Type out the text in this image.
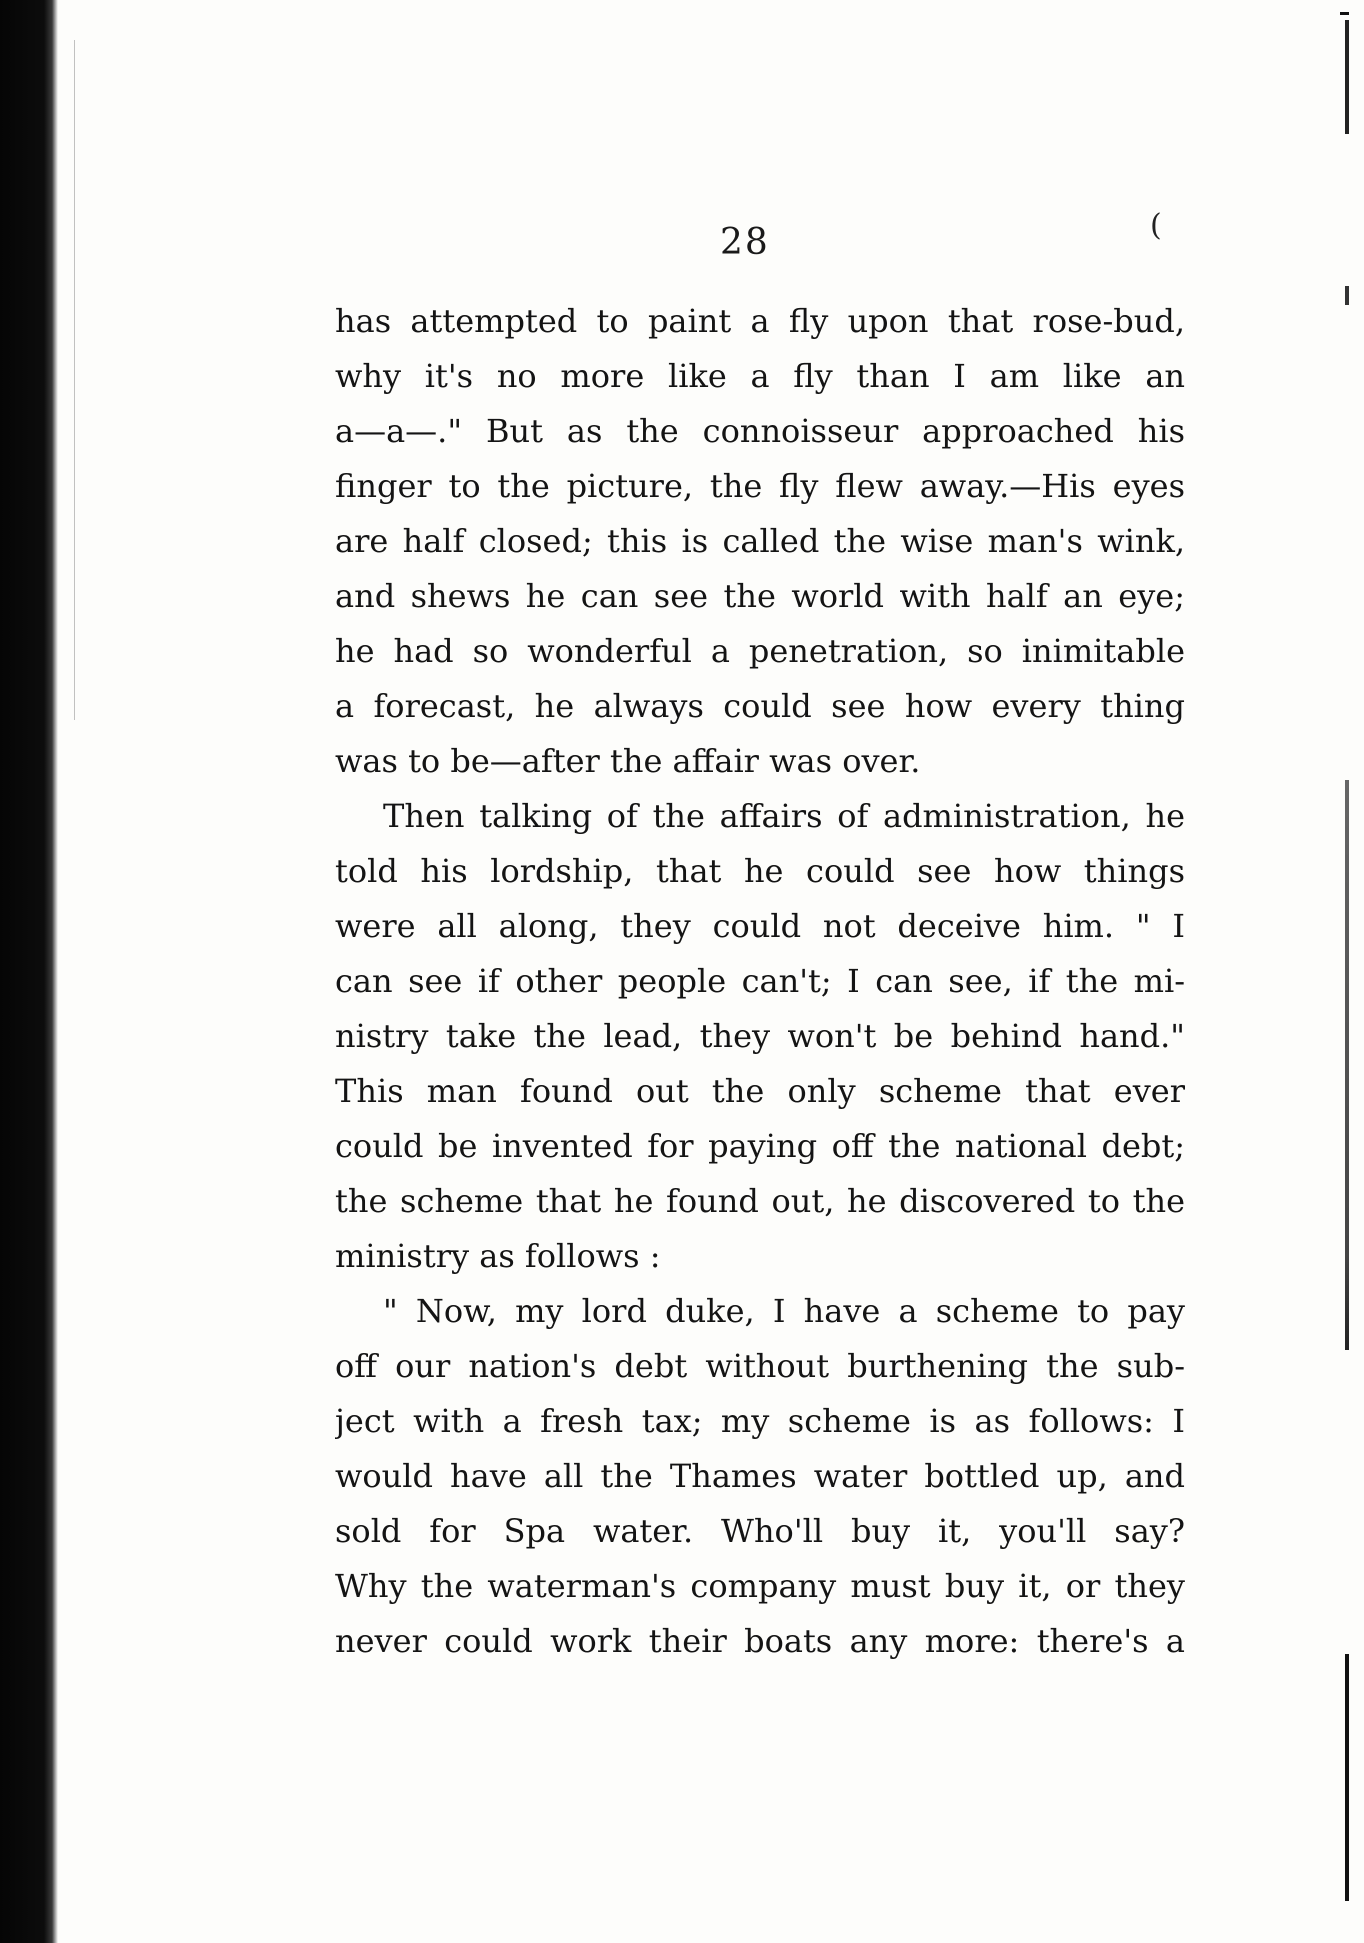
28	(
has attempted to paint a fly upon that rose-bud,
why it's no more like a fly than I am like an
a—a—." But as the connoisseur approached his
finger to the picture, the fly flew away.—His eyes
are half closed; this is called the wise man's wink,
and shews he can see the world with half an eye;
he had so wonderful a penetration, so inimitable
a forecast, he always could see how every thing
was to be—after the affair was over.
Then talking of the affairs of administration, he
told his lordship, that he could see how things
were all along, they could not deceive him. " I
can see if other people can't; I can see, if the mi-
nistry take the lead, they won't be behind hand."
This man found out the only scheme that ever
could be invented for paying off the national debt;
the scheme that he found out, he discovered to the
ministry as follows :
" Now, my lord duke, I have a scheme to pay
off our nation's debt without burthening the sub-
ject with a fresh tax; my scheme is as follows: I
would have all the Thames water bottled up, and
sold for Spa water. Who'll buy it, you'll say?
Why the waterman's company must buy it, or they
never could work their boats any more: there's a
